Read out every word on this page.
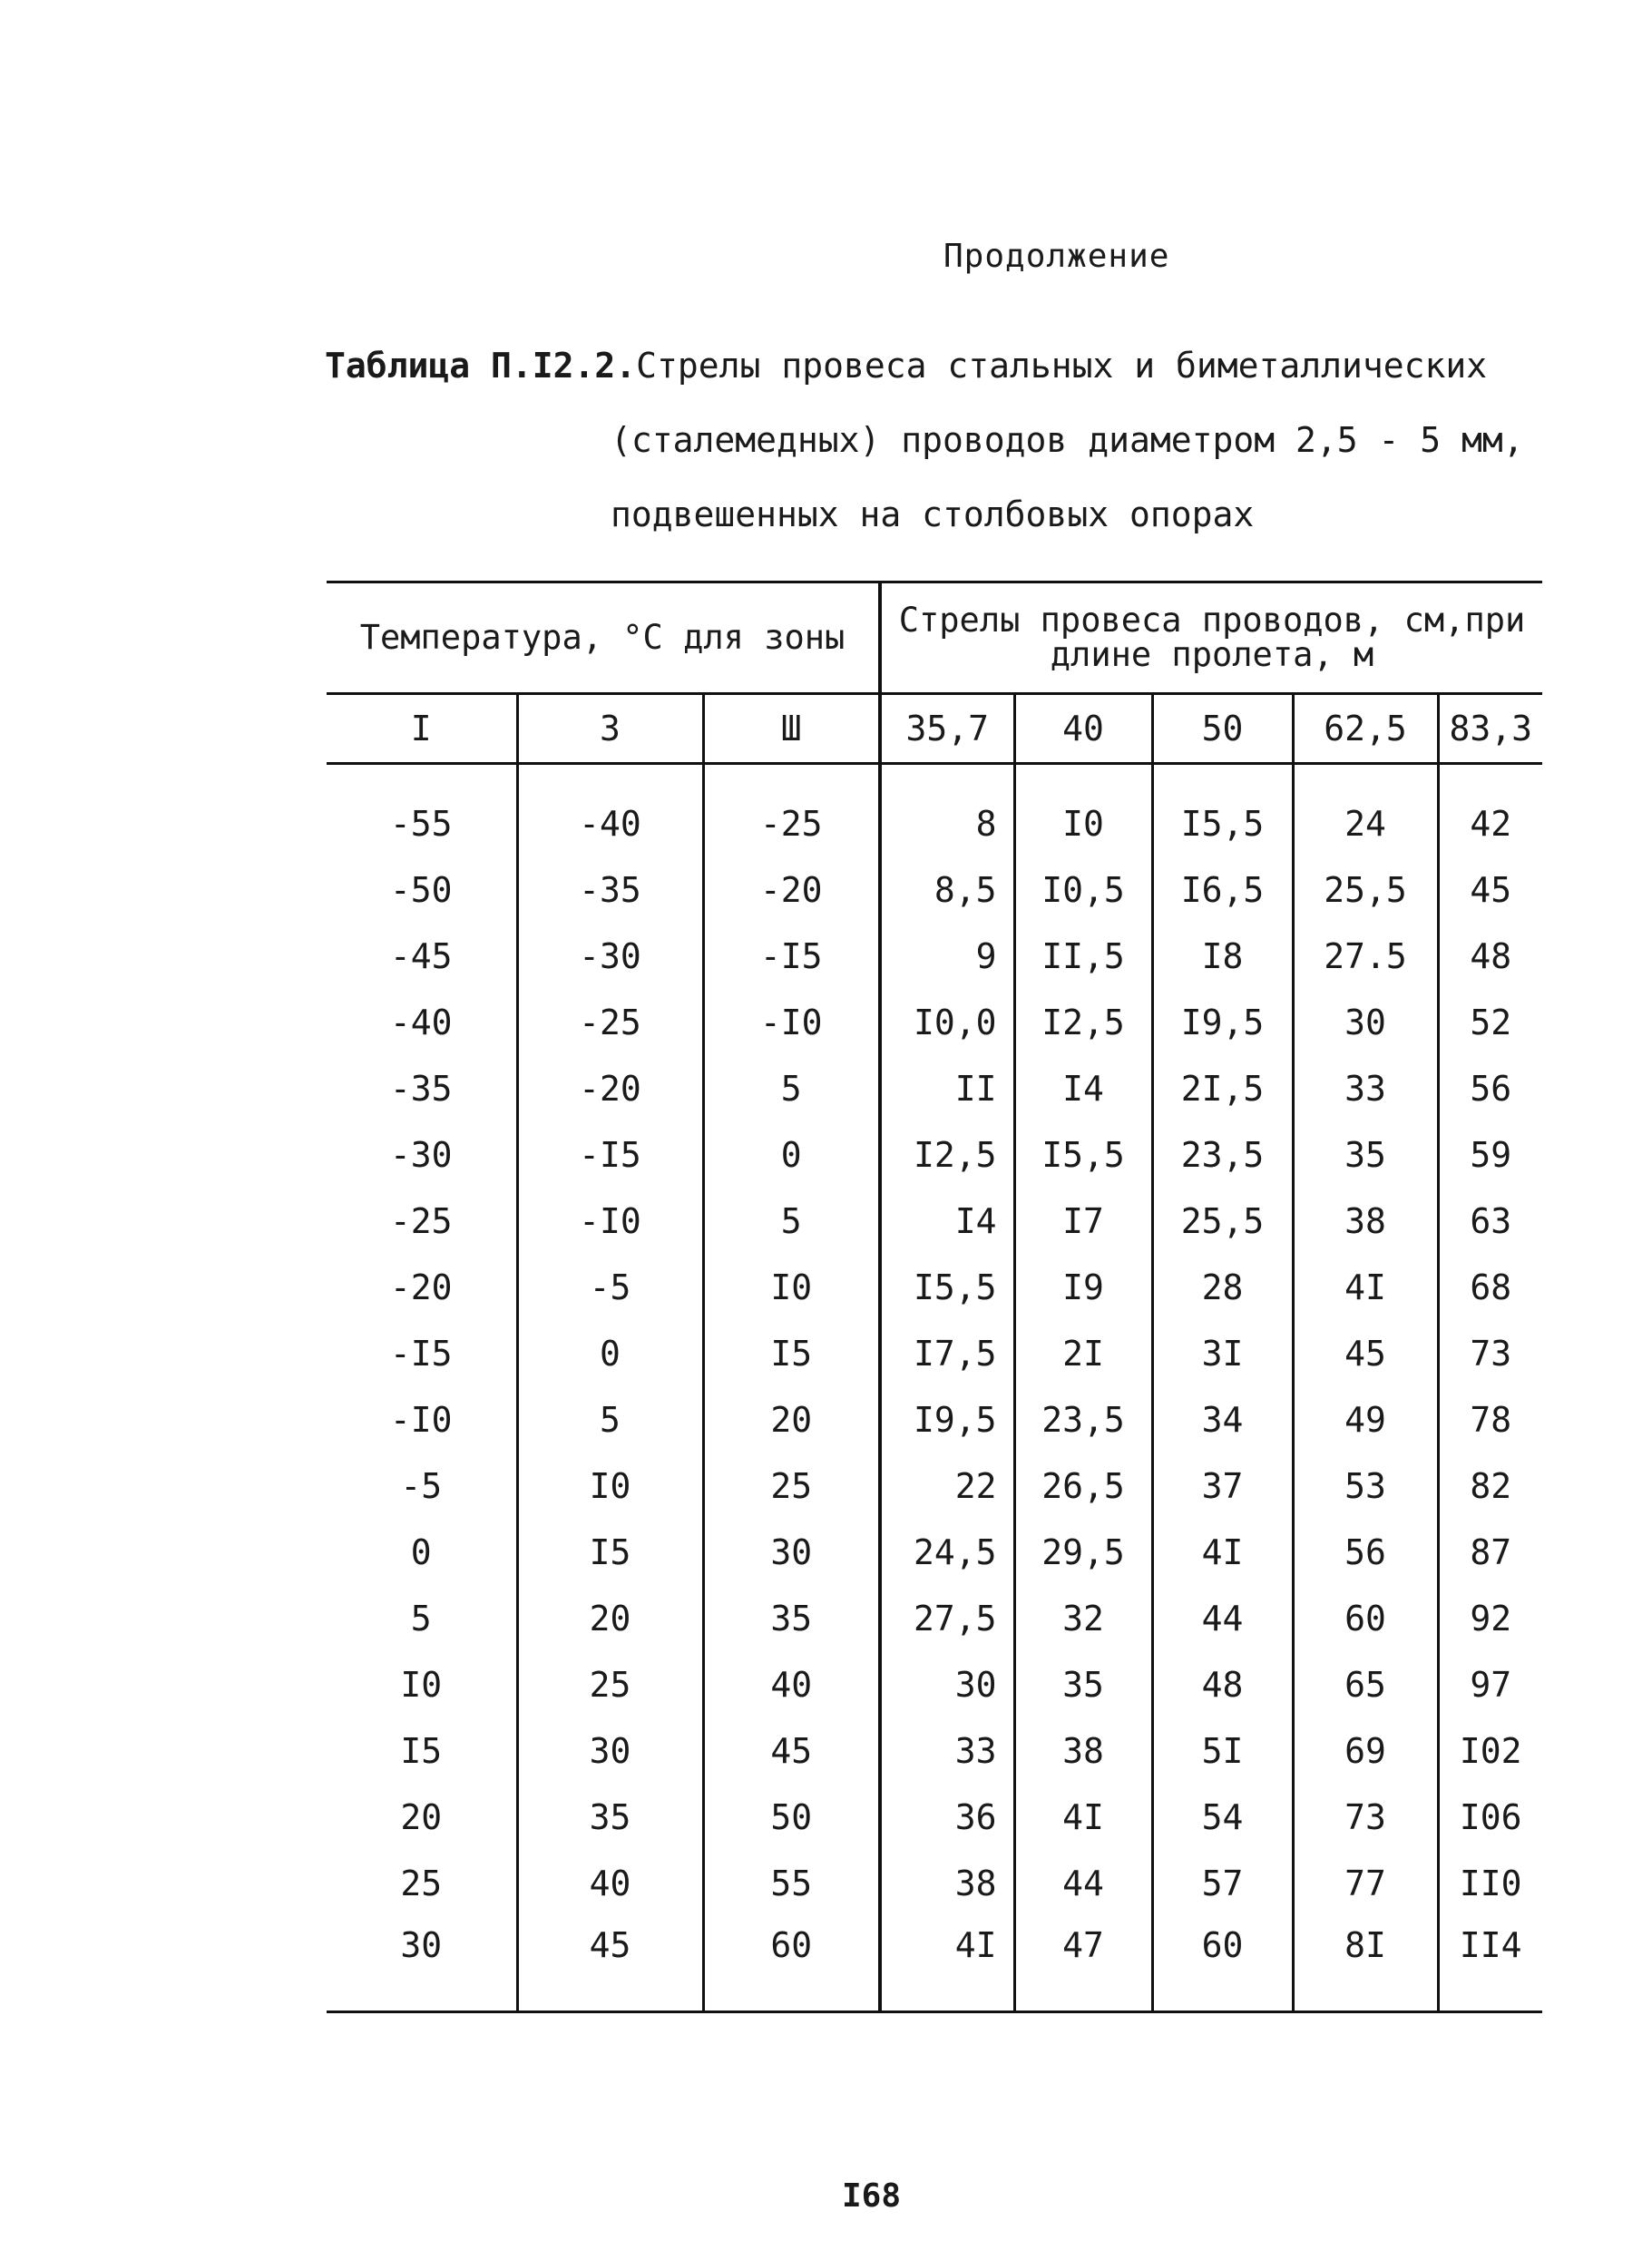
Продолжение
Таблица П.I2.2.Стрелы провеса стальных и биметаллических
(сталемедных) проводов диаметром 2,5 - 5 мм,
подвешенных на столбовых опорах
Температура, °С для зоны			Стрелы провеса проводов, см,при длине пролета, м				
I	3	Ш	35,7	40	50	62,5	83,3

-55	-40	-25	8	I0	I5,5	24	42
-50	-35	-20	8,5	I0,5	I6,5	25,5	45
-45	-30	-I5	9	II,5	I8	27.5	48
-40	-25	-I0	I0,0	I2,5	I9,5	30	52
-35	-20	5	II	I4	2I,5	33	56
-30	-I5	0	I2,5	I5,5	23,5	35	59
-25	-I0	5	I4	I7	25,5	38	63
-20	-5	I0	I5,5	I9	28	4I	68
-I5	0	I5	I7,5	2I	3I	45	73
-I0	5	20	I9,5	23,5	34	49	78
-5	I0	25	22	26,5	37	53	82
0	I5	30	24,5	29,5	4I	56	87
5	20	35	27,5	32	44	60	92
I0	25	40	30	35	48	65	97
I5	30	45	33	38	5I	69	I02
20	35	50	36	4I	54	73	I06
25	40	55	38	44	57	77	II0
30	45	60	4I	47	60	8I	II4
I68
